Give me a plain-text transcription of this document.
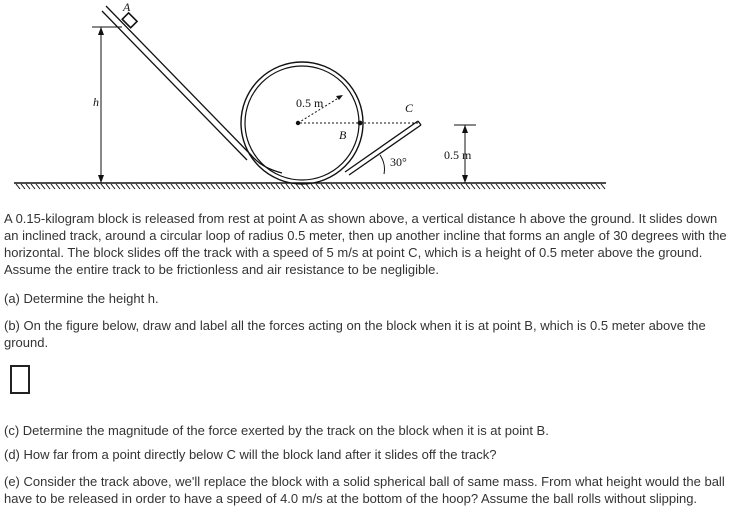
A
h	0.5 m
B
C
30°	0.5 m

A 0.15-kilogram block is released from rest at point A as shown above, a vertical distance h above the ground. It slides down an inclined track, around a circular loop of radius 0.5 meter, then up another incline that forms an angle of 30 degrees with the horizontal. The block slides off the track with a speed of 5 m/s at point C, which is a height of 0.5 meter above the ground. Assume the entire track to be frictionless and air resistance to be negligible.

(a) Determine the height h.

(b) On the figure below, draw and label all the forces acting on the block when it is at point B, which is 0.5 meter above the ground.

(c) Determine the magnitude of the force exerted by the track on the block when it is at point B.

(d) How far from a point directly below C will the block land after it slides off the track?

(e) Consider the track above, we'll replace the block with a solid spherical ball of same mass. From what height would the ball have to be released in order to have a speed of 4.0 m/s at the bottom of the hoop? Assume the ball rolls without slipping.
